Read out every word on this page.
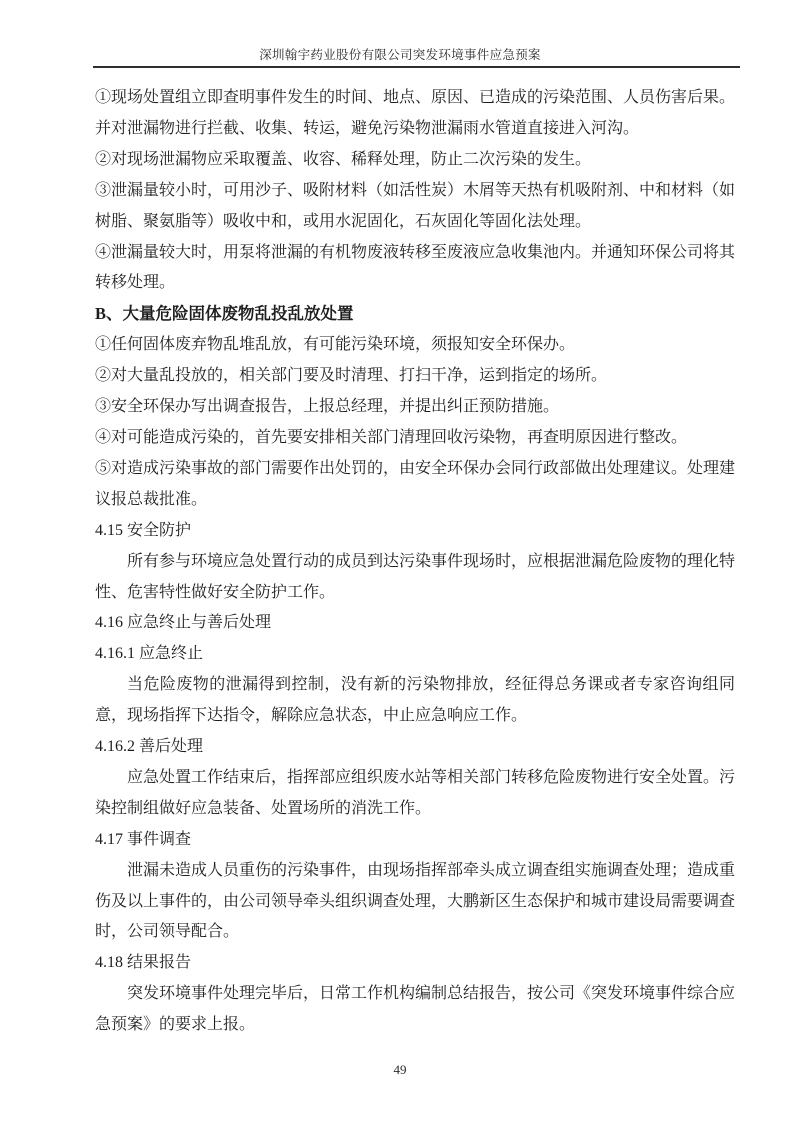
深圳翰宇药业股份有限公司突发环境事件应急预案

①现场处置组立即查明事件发生的时间、地点、原因、已造成的污染范围、人员伤害后果。并对泄漏物进行拦截、收集、转运，避免污染物泄漏雨水管道直接进入河沟。

②对现场泄漏物应采取覆盖、收容、稀释处理，防止二次污染的发生。

③泄漏量较小时，可用沙子、吸附材料（如活性炭）木屑等天热有机吸附剂、中和材料（如树脂、聚氨脂等）吸收中和，或用水泥固化，石灰固化等固化法处理。

④泄漏量较大时，用泵将泄漏的有机物废液转移至废液应急收集池内。并通知环保公司将其转移处理。

B、大量危险固体废物乱投乱放处置

①任何固体废弃物乱堆乱放，有可能污染环境，须报知安全环保办。

②对大量乱投放的，相关部门要及时清理、打扫干净，运到指定的场所。

③安全环保办写出调查报告，上报总经理，并提出纠正预防措施。

④对可能造成污染的，首先要安排相关部门清理回收污染物，再查明原因进行整改。

⑤对造成污染事故的部门需要作出处罚的，由安全环保办会同行政部做出处理建议。处理建议报总裁批准。

4.15 安全防护

所有参与环境应急处置行动的成员到达污染事件现场时，应根据泄漏危险废物的理化特性、危害特性做好安全防护工作。

4.16 应急终止与善后处理

4.16.1 应急终止

当危险废物的泄漏得到控制，没有新的污染物排放，经征得总务课或者专家咨询组同意，现场指挥下达指令，解除应急状态，中止应急响应工作。

4.16.2 善后处理

应急处置工作结束后，指挥部应组织废水站等相关部门转移危险废物进行安全处置。污染控制组做好应急装备、处置场所的消洗工作。

4.17 事件调查

泄漏未造成人员重伤的污染事件，由现场指挥部牵头成立调查组实施调查处理；造成重伤及以上事件的，由公司领导牵头组织调查处理，大鹏新区生态保护和城市建设局需要调查时，公司领导配合。

4.18 结果报告

突发环境事件处理完毕后，日常工作机构编制总结报告，按公司《突发环境事件综合应急预案》的要求上报。

49
